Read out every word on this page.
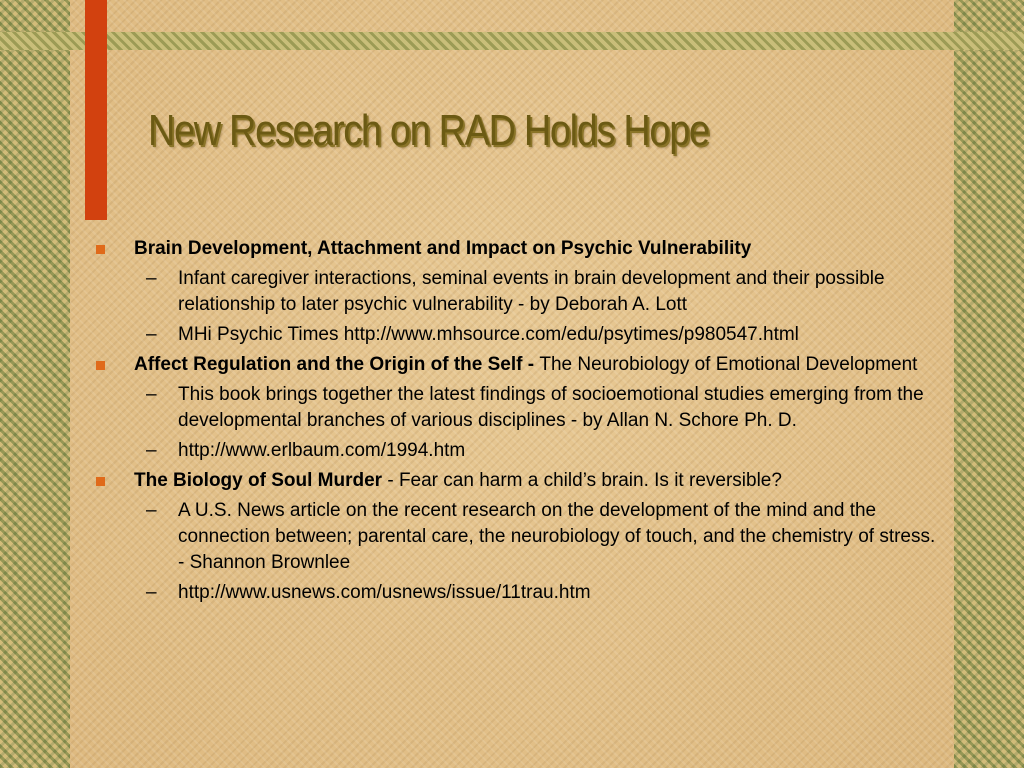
New Research on RAD Holds Hope
Brain Development, Attachment and Impact on Psychic Vulnerability
– Infant caregiver interactions, seminal events in brain development and their possible relationship to later psychic vulnerability - by Deborah A. Lott
– MHi Psychic Times http://www.mhsource.com/edu/psytimes/p980547.html
Affect Regulation and the Origin of the Self - The Neurobiology of Emotional Development
– This book brings together the latest findings of socioemotional studies emerging from the developmental branches of various disciplines - by Allan N. Schore Ph. D.
– http://www.erlbaum.com/1994.htm
The Biology of Soul Murder - Fear can harm a child’s brain. Is it reversible?
– A U.S. News article on the recent research on the development of the mind and the connection between; parental care, the neurobiology of touch, and the chemistry of stress. - Shannon Brownlee
– http://www.usnews.com/usnews/issue/11trau.htm
